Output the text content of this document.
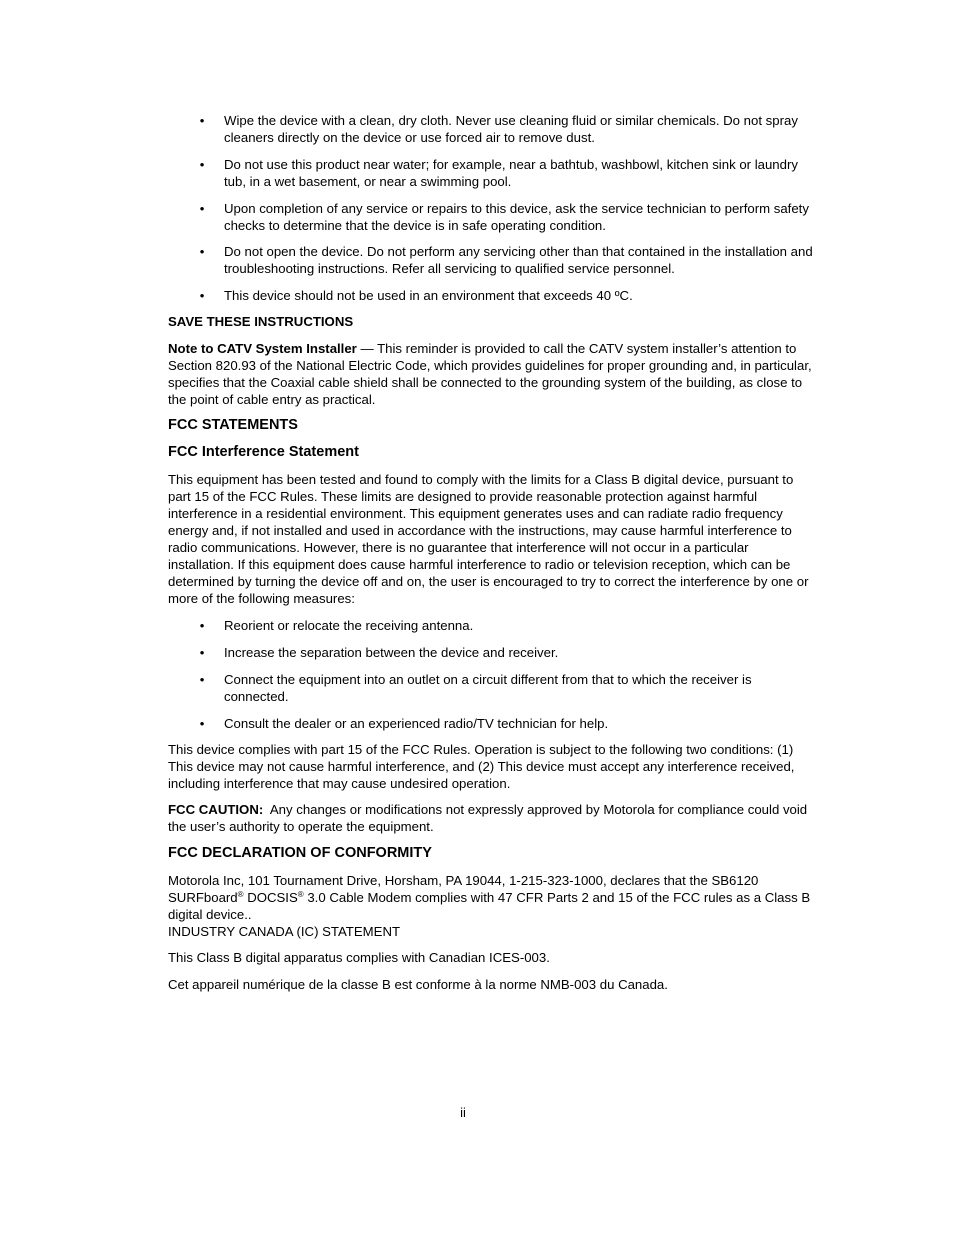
• Wipe the device with a clean, dry cloth. Never use cleaning fluid or similar chemicals. Do not spray cleaners directly on the device or use forced air to remove dust.
• Do not use this product near water; for example, near a bathtub, washbowl, kitchen sink or laundry tub, in a wet basement, or near a swimming pool.
• Upon completion of any service or repairs to this device, ask the service technician to perform safety checks to determine that the device is in safe operating condition.
• Do not open the device. Do not perform any servicing other than that contained in the installation and troubleshooting instructions. Refer all servicing to qualified service personnel.
• This device should not be used in an environment that exceeds 40 ºC.

SAVE THESE INSTRUCTIONS

Note to CATV System Installer — This reminder is provided to call the CATV system installer’s attention to Section 820.93 of the National Electric Code, which provides guidelines for proper grounding and, in particular, specifies that the Coaxial cable shield shall be connected to the grounding system of the building, as close to the point of cable entry as practical.

FCC STATEMENTS

FCC Interference Statement

This equipment has been tested and found to comply with the limits for a Class B digital device, pursuant to part 15 of the FCC Rules. These limits are designed to provide reasonable protection against harmful interference in a residential environment. This equipment generates uses and can radiate radio frequency energy and, if not installed and used in accordance with the instructions, may cause harmful interference to radio communications. However, there is no guarantee that interference will not occur in a particular installation. If this equipment does cause harmful interference to radio or television reception, which can be determined by turning the device off and on, the user is encouraged to try to correct the interference by one or more of the following measures:

• Reorient or relocate the receiving antenna.
• Increase the separation between the device and receiver.
• Connect the equipment into an outlet on a circuit different from that to which the receiver is connected.
• Consult the dealer or an experienced radio/TV technician for help.

This device complies with part 15 of the FCC Rules. Operation is subject to the following two conditions: (1) This device may not cause harmful interference, and (2) This device must accept any interference received, including interference that may cause undesired operation.

FCC CAUTION:  Any changes or modifications not expressly approved by Motorola for compliance could void the user’s authority to operate the equipment.

FCC DECLARATION OF CONFORMITY

Motorola Inc, 101 Tournament Drive, Horsham, PA 19044, 1-215-323-1000, declares that the SB6120 SURFboard® DOCSIS® 3.0 Cable Modem complies with 47 CFR Parts 2 and 15 of the FCC rules as a Class B digital device..
INDUSTRY CANADA (IC) STATEMENT

This Class B digital apparatus complies with Canadian ICES-003.

Cet appareil numérique de la classe B est conforme à la norme NMB-003 du Canada.

ii
